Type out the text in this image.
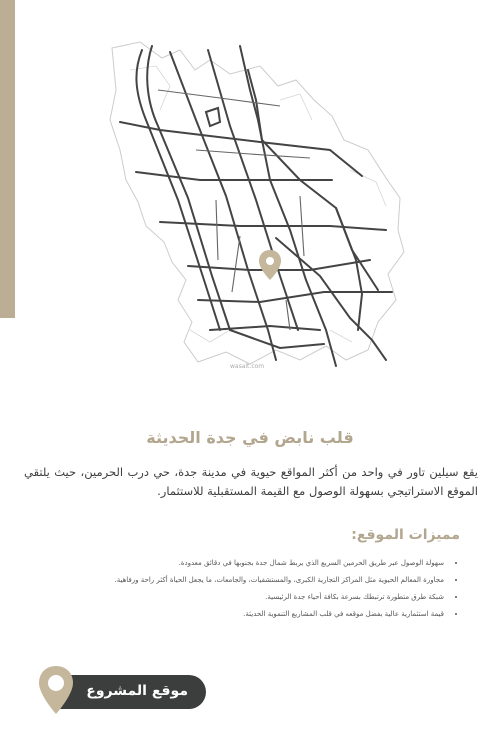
wasalt.com
قلب نابض في جدة الحديثة
يقع سيلين تاور في واحد من أكثر المواقع حيوية في مدينة جدة، حي درب الحرمين، حيث يلتقي الموقع الاستراتيجي بسهولة الوصول مع القيمة المستقبلية للاستثمار.
مميزات الموقع:
• سهولة الوصول عبر طريق الحرمين السريع الذي يربط شمال جدة بجنوبها في دقائق معدودة.
• مجاورة المعالم الحيوية مثل المراكز التجارية الكبرى، والمستشفيات، والجامعات، ما يجعل الحياة أكثر راحة ورفاهية.
• شبكة طرق متطورة ترتبطك بسرعة بكافة أحياء جدة الرئيسية.
• قيمة استثمارية عالية بفضل موقعه في قلب المشاريع التنموية الحديثة.
موقع المشروع
